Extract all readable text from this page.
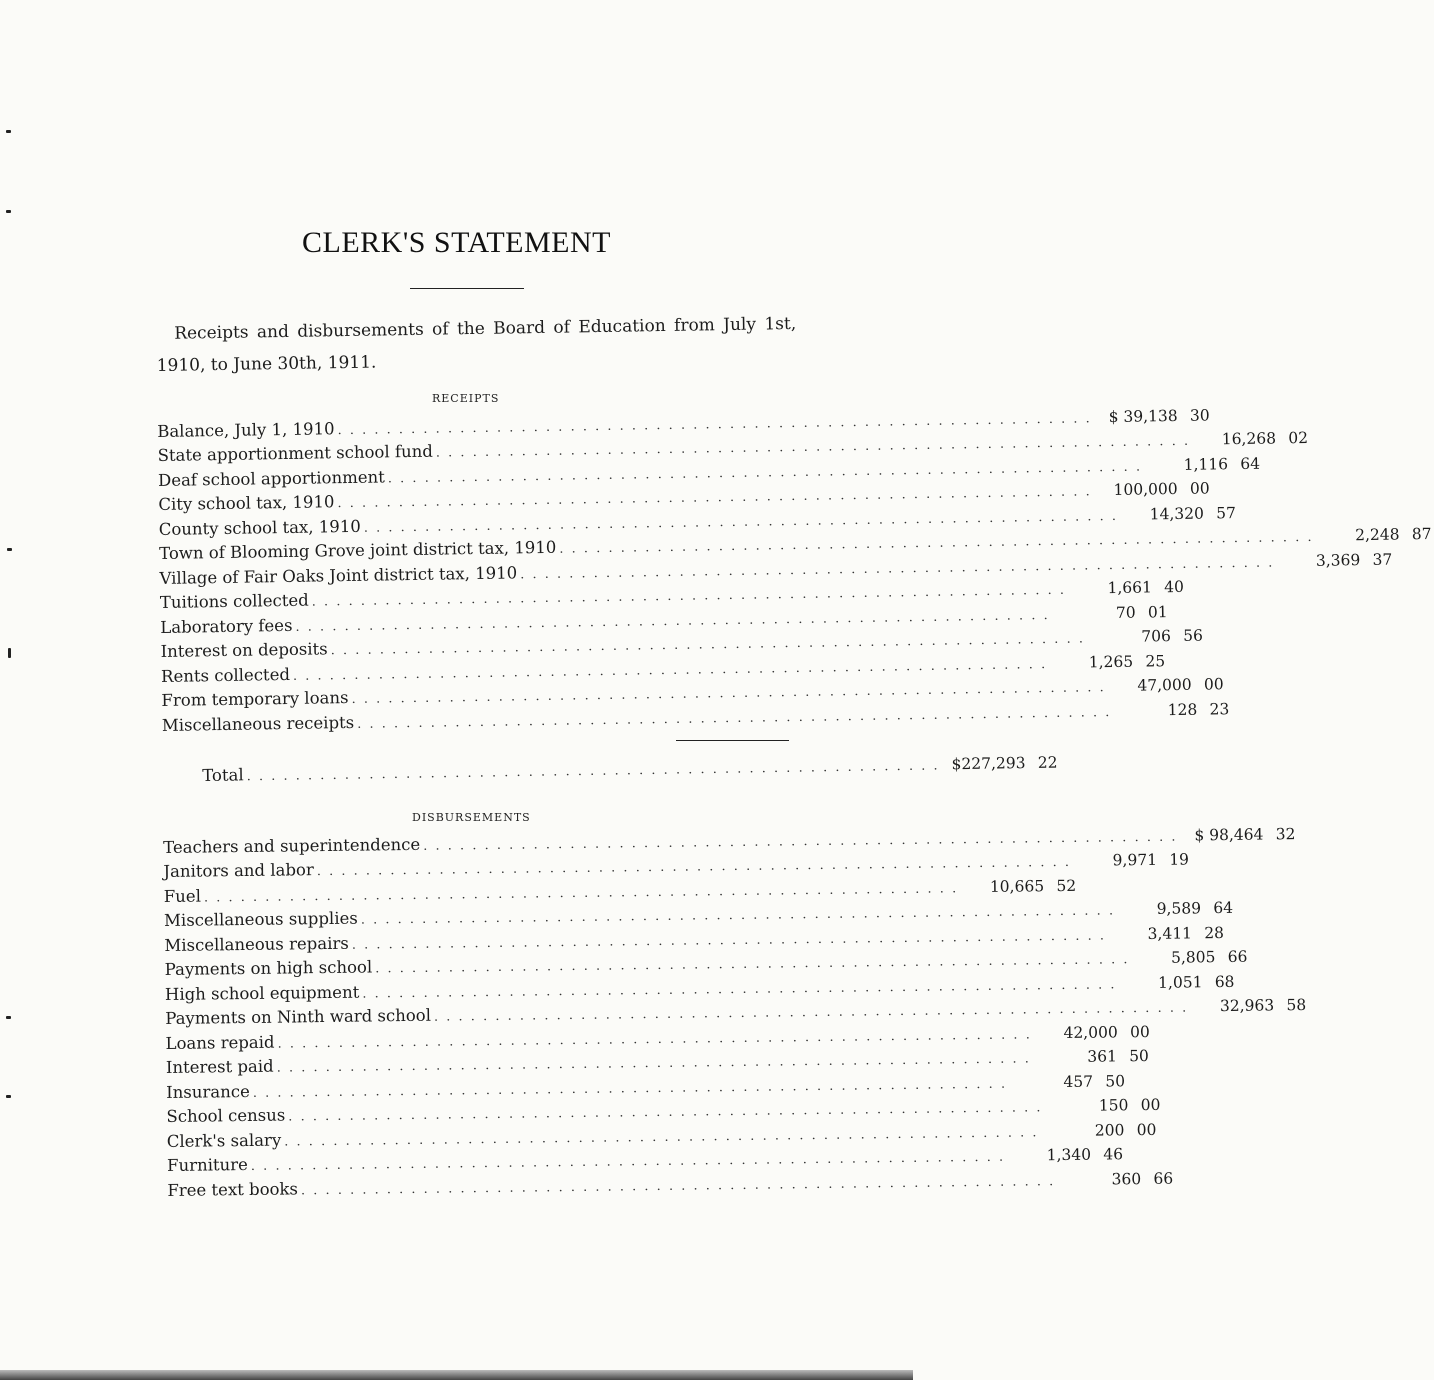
CLERK'S STATEMENT
Receipts and disbursements of the Board of Education from July 1st, 1910, to June 30th, 1911.
RECEIPTS
Balance, July 1, 1910 . . . . . . . . . . . . . . . . . . . . . . . . . . . . . . . . . . . . . . . . . . . . . . . . . . . . . . . . . . . . . . $ 39,138 30
State apportionment school fund . . . . . . . . . . . . . . . . . . . . . . . . . . . . . . . . . . . . . . . . . . . . . . . . . . . . . . . . . . . . . . 16,268 02
Deaf school apportionment . . . . . . . . . . . . . . . . . . . . . . . . . . . . . . . . . . . . . . . . . . . . . . . . . . . . . . . . . . . . . .	1,116 64
City school tax, 1910 . . . . . . . . . . . . . . . . . . . . . . . . . . . . . . . . . . . . . . . . . . . . . . . . . . . . . . . . . . . . . . 100,000 00
County school tax, 1910 . . . . . . . . . . . . . . . . . . . . . . . . . . . . . . . . . . . . . . . . . . . . . . . . . . . . . . . . . . . . . . 14,320 57
Town of Blooming Grove joint district tax, 1910 . . . . . . . . . . . . . . . . . . . . . . . . . . . . . . . . . . . . . . . . . . . . . . . . . . . . . . . . . . . . . .	2,248 87
Village of Fair Oaks Joint district tax, 1910 . . . . . . . . . . . . . . . . . . . . . . . . . . . . . . . . . . . . . . . . . . . . . . . . . . . . . . . . . . . . . .	3,369 37
Tuitions collected . . . . . . . . . . . . . . . . . . . . . . . . . . . . . . . . . . . . . . . . . . . . . . . . . . . . . . . . . . . . . .	1,661 40
Laboratory fees . . . . . . . . . . . . . . . . . . . . . . . . . . . . . . . . . . . . . . . . . . . . . . . . . . . . . . . . . . . . . .	70 01
Interest on deposits . . . . . . . . . . . . . . . . . . . . . . . . . . . . . . . . . . . . . . . . . . . . . . . . . . . . . . . . . . . . . .	706 56
Rents collected . . . . . . . . . . . . . . . . . . . . . . . . . . . . . . . . . . . . . . . . . . . . . . . . . . . . . . . . . . . . . .	1,265 25
From temporary loans . . . . . . . . . . . . . . . . . . . . . . . . . . . . . . . . . . . . . . . . . . . . . . . . . . . . . . . . . . . . . . 47,000 00
Miscellaneous receipts . . . . . . . . . . . . . . . . . . . . . . . . . . . . . . . . . . . . . . . . . . . . . . . . . . . . . . . . . . . . . .	128 23
Total . . . . . . . . . . . . . . . . . . . . . . . . . . . . . . . . . . . . . . . . . . . . . . . . . . . . . . . . . $227,293 22
DISBURSEMENTS
Teachers and superintendence . . . . . . . . . . . . . . . . . . . . . . . . . . . . . . . . . . . . . . . . . . . . . . . . . . . . . . . . . . . . . . $ 98,464 32
Janitors and labor . . . . . . . . . . . . . . . . . . . . . . . . . . . . . . . . . . . . . . . . . . . . . . . . . . . . . . . . . . . . . .	9,971 19
Fuel . . . . . . . . . . . . . . . . . . . . . . . . . . . . . . . . . . . . . . . . . . . . . . . . . . . . . . . . . . . . . . 10,665 52
Miscellaneous supplies . . . . . . . . . . . . . . . . . . . . . . . . . . . . . . . . . . . . . . . . . . . . . . . . . . . . . . . . . . . . . .	9,589 64
Miscellaneous repairs . . . . . . . . . . . . . . . . . . . . . . . . . . . . . . . . . . . . . . . . . . . . . . . . . . . . . . . . . . . . . .	3,411 28
Payments on high school . . . . . . . . . . . . . . . . . . . . . . . . . . . . . . . . . . . . . . . . . . . . . . . . . . . . . . . . . . . . . .	5,805 66
High school equipment . . . . . . . . . . . . . . . . . . . . . . . . . . . . . . . . . . . . . . . . . . . . . . . . . . . . . . . . . . . . . .	1,051 68
Payments on Ninth ward school . . . . . . . . . . . . . . . . . . . . . . . . . . . . . . . . . . . . . . . . . . . . . . . . . . . . . . . . . . . . . . 32,963 58
Loans repaid . . . . . . . . . . . . . . . . . . . . . . . . . . . . . . . . . . . . . . . . . . . . . . . . . . . . . . . . . . . . . . 42,000 00
Interest paid . . . . . . . . . . . . . . . . . . . . . . . . . . . . . . . . . . . . . . . . . . . . . . . . . . . . . . . . . . . . . .	361 50
Insurance . . . . . . . . . . . . . . . . . . . . . . . . . . . . . . . . . . . . . . . . . . . . . . . . . . . . . . . . . . . . . .	457 50
School census . . . . . . . . . . . . . . . . . . . . . . . . . . . . . . . . . . . . . . . . . . . . . . . . . . . . . . . . . . . . . .	150 00
Clerk's salary . . . . . . . . . . . . . . . . . . . . . . . . . . . . . . . . . . . . . . . . . . . . . . . . . . . . . . . . . . . . . .	200 00
Furniture . . . . . . . . . . . . . . . . . . . . . . . . . . . . . . . . . . . . . . . . . . . . . . . . . . . . . . . . . . . . . .	1,340 46
Free text books . . . . . . . . . . . . . . . . . . . . . . . . . . . . . . . . . . . . . . . . . . . . . . . . . . . . . . . . . . . . . .	360 66
